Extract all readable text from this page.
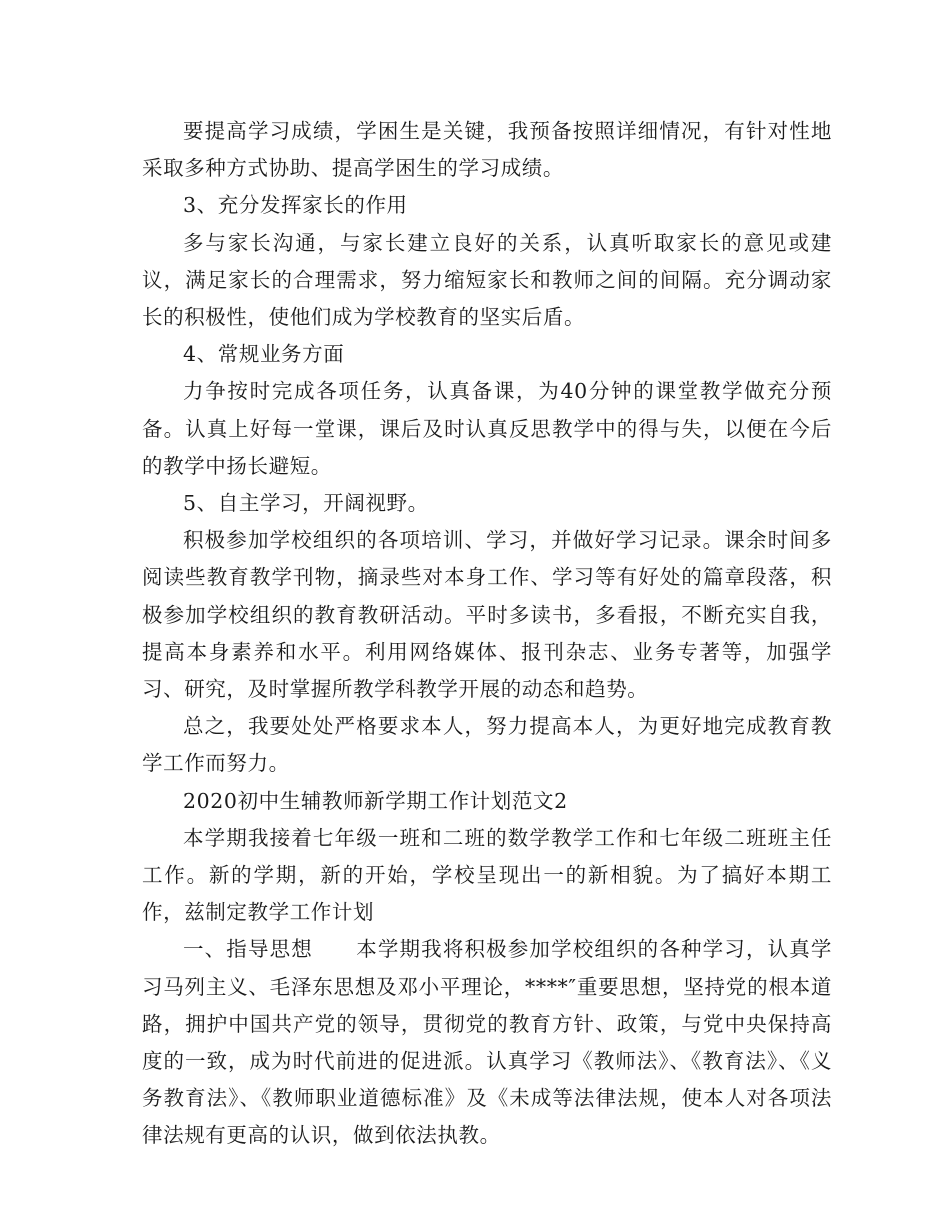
要提高学习成绩，学困生是关键，我预备按照详细情况，有针对性地采取多种方式协助、提高学困生的学习成绩。

3、充分发挥家长的作用

多与家长沟通，与家长建立良好的关系，认真听取家长的意见或建议，满足家长的合理需求，努力缩短家长和教师之间的间隔。充分调动家长的积极性，使他们成为学校教育的坚实后盾。

4、常规业务方面

力争按时完成各项任务，认真备课，为40分钟的课堂教学做充分预备。认真上好每一堂课，课后及时认真反思教学中的得与失，以便在今后的教学中扬长避短。

5、自主学习，开阔视野。

积极参加学校组织的各项培训、学习，并做好学习记录。课余时间多阅读些教育教学刊物，摘录些对本身工作、学习等有好处的篇章段落，积极参加学校组织的教育教研活动。平时多读书，多看报，不断充实自我，提高本身素养和水平。利用网络媒体、报刊杂志、业务专著等，加强学习、研究，及时掌握所教学科教学开展的动态和趋势。

总之，我要处处严格要求本人，努力提高本人，为更好地完成教育教学工作而努力。

2020初中生辅教师新学期工作计划范文2

本学期我接着七年级一班和二班的数学教学工作和七年级二班班主任工作。新的学期，新的开始，学校呈现出一的新相貌。为了搞好本期工作，兹制定教学工作计划

一、指导思想　　本学期我将积极参加学校组织的各种学习，认真学习马列主义、毛泽东思想及邓小平理论，****″重要思想，坚持党的根本道路，拥护中国共产党的领导，贯彻党的教育方针、政策，与党中央保持高度的一致，成为时代前进的促进派。认真学习《教师法》、《教育法》、《义务教育法》、《教师职业道德标准》及《未成等法律法规，使本人对各项法律法规有更高的认识，做到依法执教。
